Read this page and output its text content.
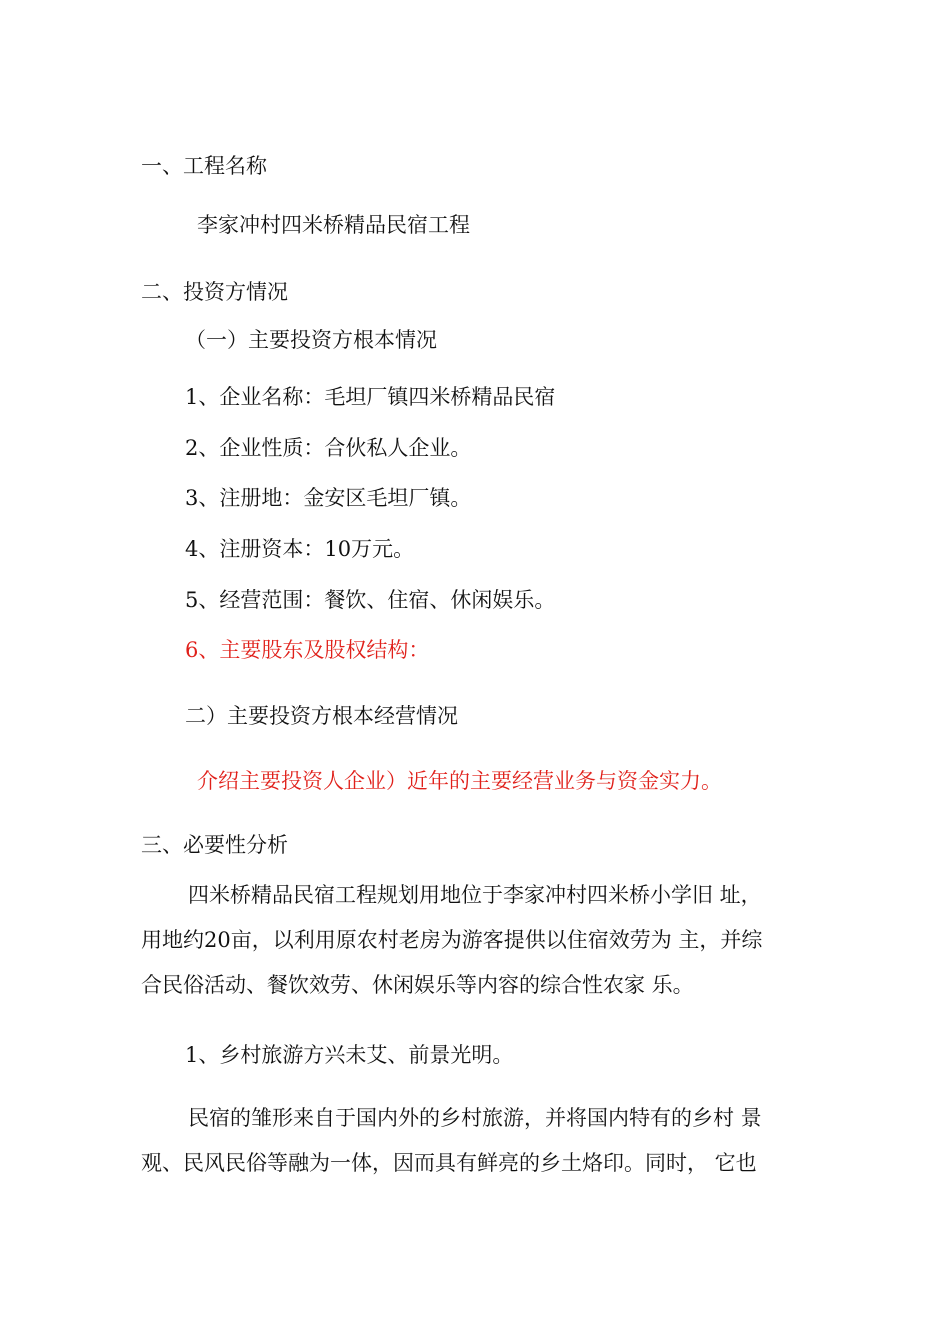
一、工程名称
李家冲村四米桥精品民宿工程
二、投资方情况
（一）主要投资方根本情况
1、企业名称：毛坦厂镇四米桥精品民宿
2、企业性质：合伙私人企业。
3、注册地：金安区毛坦厂镇。
4、注册资本：10万元。
5、经营范围：餐饮、住宿、休闲娱乐。
6、主要股东及股权结构：
二）主要投资方根本经营情况
介绍主要投资人企业）近年的主要经营业务与资金实力。
三、必要性分析
四米桥精品民宿工程规划用地位于李家冲村四米桥小学旧 址，
用地约20亩，以利用原农村老房为游客提供以住宿效劳为 主，并综
合民俗活动、餐饮效劳、休闲娱乐等内容的综合性农家 乐。
1、乡村旅游方兴未艾、前景光明。
民宿的雏形来自于国内外的乡村旅游，并将国内特有的乡村 景
观、民风民俗等融为一体，因而具有鲜亮的乡土烙印。同时， 它也
